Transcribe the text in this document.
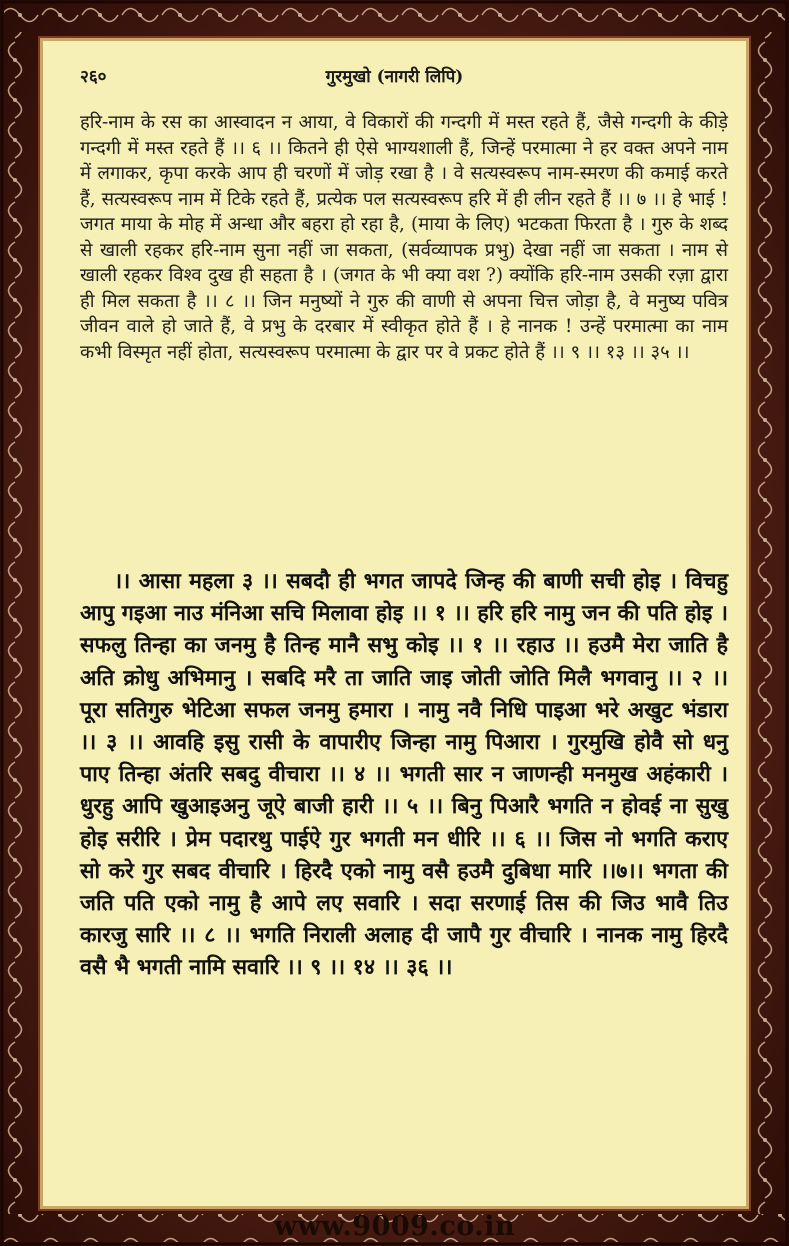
२६०	गुरमुखो (नागरी लिपि)
हरि-नाम के रस का आस्वादन न आया, वे विकारों की गन्दगी में मस्त रहते हैं, जैसे गन्दगी के कीड़े गन्दगी में मस्त रहते हैं ।। ६ ।। कितने ही ऐसे भाग्यशाली हैं, जिन्हें परमात्मा ने हर वक्त अपने नाम में लगाकर, कृपा करके आप ही चरणों में जोड़ रखा है । वे सत्यस्वरूप नाम-स्मरण की कमाई करते हैं, सत्यस्वरूप नाम में टिके रहते हैं, प्रत्येक पल सत्यस्वरूप हरि में ही लीन रहते हैं ।। ७ ।। हे भाई ! जगत माया के मोह में अन्धा और बहरा हो रहा है, (माया के लिए) भटकता फिरता है । गुरु के शब्द से खाली रहकर हरि-नाम सुना नहीं जा सकता, (सर्वव्यापक प्रभु) देखा नहीं जा सकता । नाम से खाली रहकर विश्व दुख ही सहता है । (जगत के भी क्या वश ?) क्योंकि हरि-नाम उसकी रज़ा द्वारा ही मिल सकता है ।। ८ ।। जिन मनुष्यों ने गुरु की वाणी से अपना चित्त जोड़ा है, वे मनुष्य पवित्र जीवन वाले हो जाते हैं, वे प्रभु के दरबार में स्वीकृत होते हैं । हे नानक ! उन्हें परमात्मा का नाम कभी विस्मृत नहीं होता, सत्यस्वरूप परमात्मा के द्वार पर वे प्रकट होते हैं ।। ९ ।। १३ ।। ३५ ।।
।। आसा महला ३ ।। सबदौ ही भगत जापदे जिन्ह की बाणी सची होइ । विचहु आपु गइआ नाउ मंनिआ सचि मिलावा होइ ।। १ ।। हरि हरि नामु जन की पति होइ । सफलु तिन्हा का जनमु है तिन्ह मानै सभु कोइ ।। १ ।। रहाउ ।। हउमै मेरा जाति है अति क्रोधु अभिमानु । सबदि मरै ता जाति जाइ जोती जोति मिलै भगवानु ।। २ ।। पूरा सतिगुरु भेटिआ सफल जनमु हमारा । नामु नवै निधि पाइआ भरे अखुट भंडारा ।। ३ ।। आवहि इसु रासी के वापारीए जिन्हा नामु पिआरा । गुरमुखि होवै सो धनु पाए तिन्हा अंतरि सबदु वीचारा ।। ४ ।। भगती सार न जाणन्ही मनमुख अहंकारी । धुरहु आपि खुआइअनु जूऐ बाजी हारी ।। ५ ।। बिनु पिआरै भगति न होवई ना सुखु होइ सरीरि । प्रेम पदारथु पाईऐ गुर भगती मन धीरि ।। ६ ।। जिस नो भगति कराए सो करे गुर सबद वीचारि । हिरदै एको नामु वसै हउमै दुबिधा मारि ।।७।। भगता की जति पति एको नामु है आपे लए सवारि । सदा सरणाई तिस की जिउ भावै तिउ कारजु सारि ।। ८ ।। भगति निराली अलाह दी जापै गुर वीचारि । नानक नामु हिरदै वसै भै भगती नामि सवारि ।। ९ ।। १४ ।। ३६ ।।
www.9009.co.in
